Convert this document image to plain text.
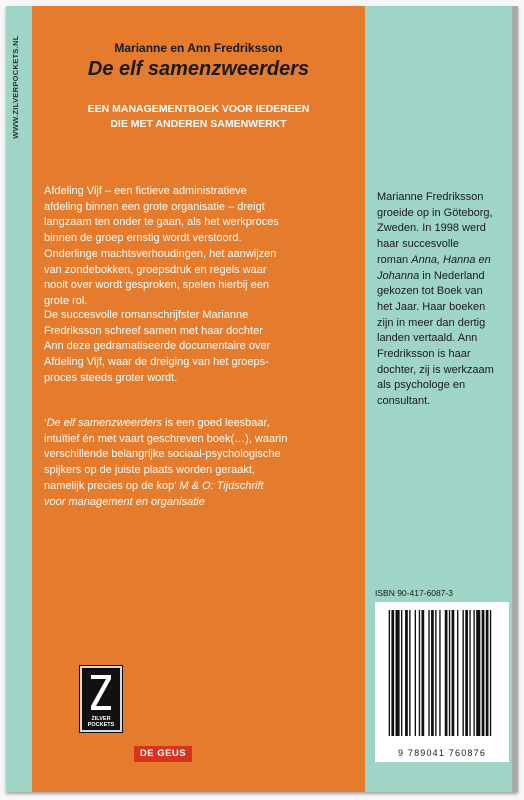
WWW.ZILVERPOCKETS.NL	Marianne en Ann Fredriksson
De elf samenzweerders
EEN MANAGEMENTBOEK VOOR IEDEREEN
DIE MET ANDEREN SAMENWERKT
Afdeling Vijf – een fictieve administratieve
afdeling binnen een grote organisatie – dreigt
langzaam ten onder te gaan, als het werkproces
binnen de groep ernstig wordt verstoord.
Onderlinge machtsverhoudingen, het aanwijzen
van zondebokken, groepsdruk en regels waar
nooit over wordt gesproken, spelen hierbij een
grote rol.
De succesvolle romanschrijfster Marianne
Fredriksson schreef samen met haar dochter
Ann deze gedramatiseerde documentaire over
Afdeling Vijf, waar de dreiging van het groeps-
proces steeds groter wordt.
‘De elf samenzweerders is een goed leesbaar,
intuïtief én met vaart geschreven boek(…), waarin
verschillende belangrijke sociaal-psychologische
spijkers op de juiste plaats worden geraakt,
namelijk precies op de kop’ M & O: Tijdschrift
voor management en organisatie
ZILVER
POCKETS
DE GEUS
Marianne Fredriksson
groeide op in Göteborg,
Zweden. In 1998 werd
haar succesvolle
roman Anna, Hanna en
Johanna in Nederland
gekozen tot Boek van
het Jaar. Haar boeken
zijn in meer dan dertig
landen vertaald. Ann
Fredriksson is haar
dochter, zij is werkzaam
als psychologe en
consultant.
ISBN 90-417-6087-3
9 789041 760876
